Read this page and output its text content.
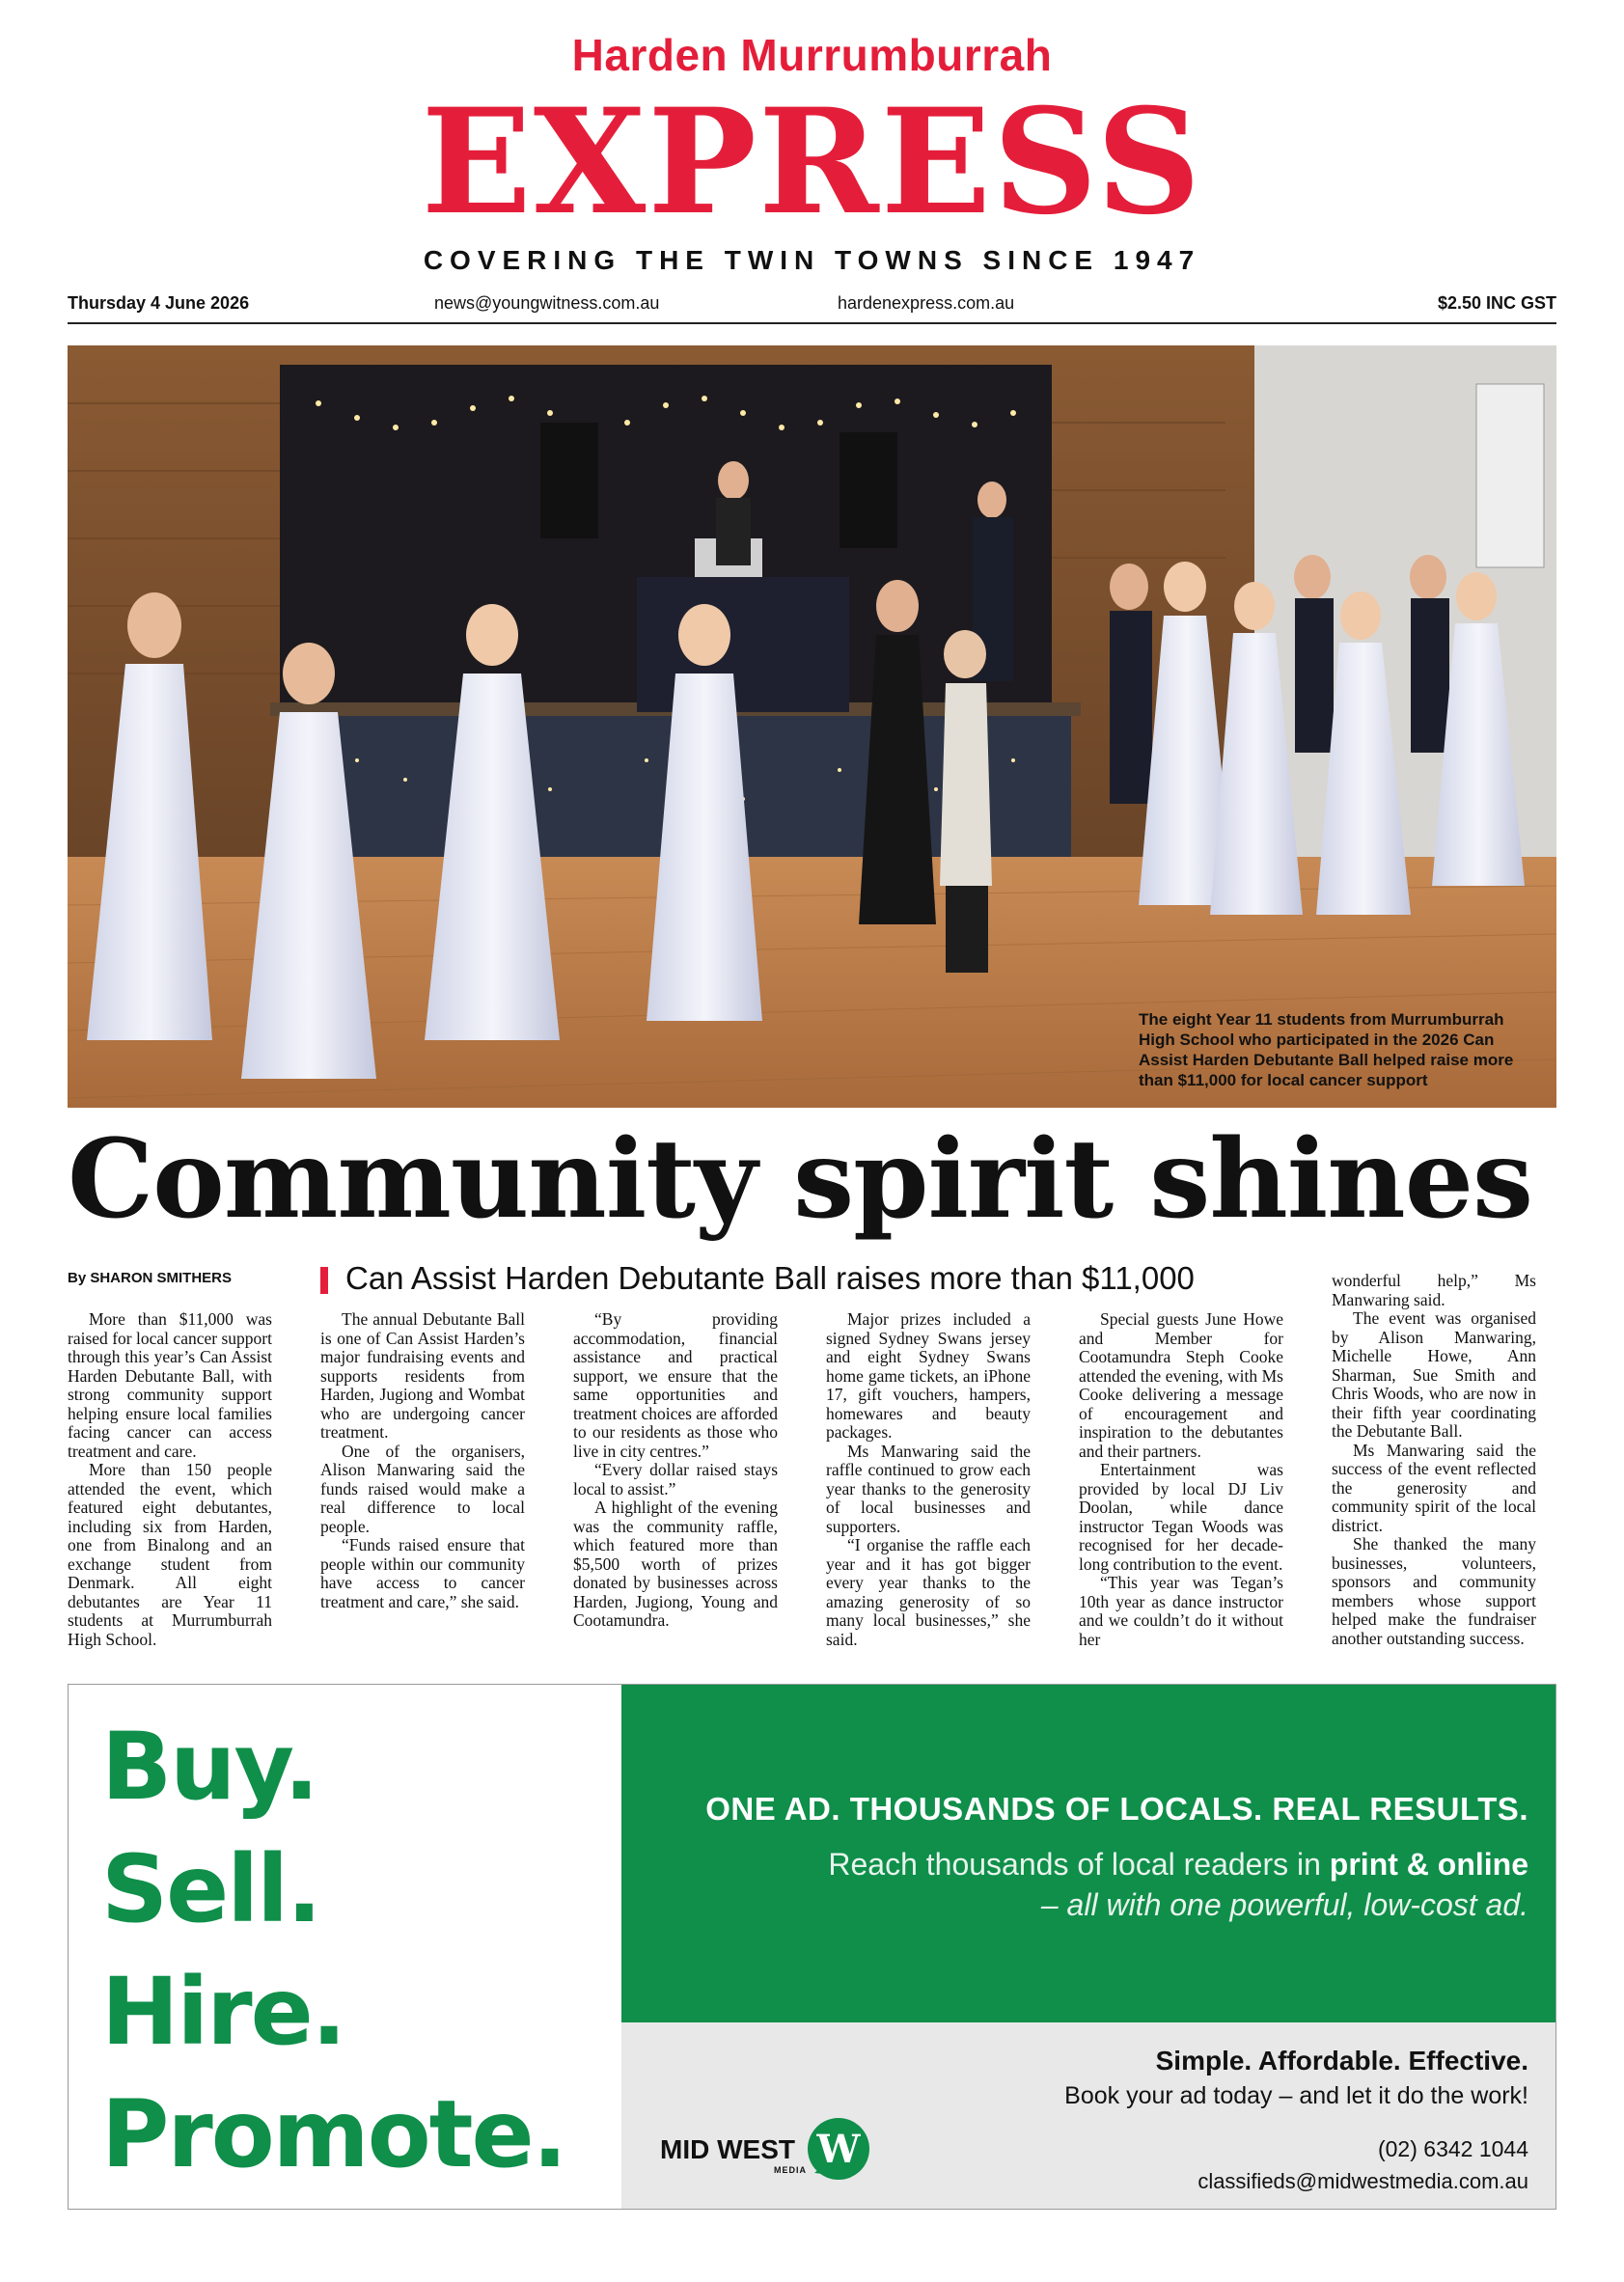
Harden Murrumburrah
EXPRESS
COVERING THE TWIN TOWNS SINCE 1947
Thursday 4 June 2026	news@youngwitness.com.au	hardenexpress.com.au	$2.50 INC GST
The eight Year 11 students from Murrumburrah High School who participated in the 2026 Can Assist Harden Debutante Ball helped raise more than $11,000 for local cancer support
Community spirit shines
By SHARON SMITHERS	Can Assist Harden Debutante Ball raises more than $11,000

More than $11,000 was raised for local cancer support through this year’s Can Assist Harden Debutante Ball, with strong community support helping ensure local families facing cancer can access treatment and care.

More than 150 people attended the event, which featured eight debutantes, including six from Harden, one from Binalong and an exchange student from Denmark. All eight debutantes are Year 11 students at Murrumburrah High School.

The annual Debutante Ball is one of Can Assist Harden’s major fundraising events and supports residents from Harden, Jugiong and Wombat who are undergoing cancer treatment.

One of the organisers, Alison Manwaring said the funds raised would make a real difference to local people.

“Funds raised ensure that people within our community have access to cancer treatment and care,” she said.

“By providing accommodation, financial assistance and practical support, we ensure that the same opportunities and treatment choices are afforded to our residents as those who live in city centres.”

“Every dollar raised stays local to assist.”

A highlight of the evening was the community raffle, which featured more than $5,500 worth of prizes donated by businesses across Harden, Jugiong, Young and Cootamundra.

Major prizes included a signed Sydney Swans jersey and eight Sydney Swans home game tickets, an iPhone 17, gift vouchers, hampers, homewares and beauty packages.

Ms Manwaring said the raffle continued to grow each year thanks to the generosity of local businesses and supporters.

“I organise the raffle each year and it has got bigger every year thanks to the amazing generosity of so many local businesses,” she said.

Special guests June Howe and Member for Cootamundra Steph Cooke attended the evening, with Ms Cooke delivering a message of encouragement and inspiration to the debutantes and their partners.

Entertainment was provided by local DJ Liv Doolan, while dance instructor Tegan Woods was recognised for her decade-long contribution to the event.

“This year was Tegan’s 10th year as dance instructor and we couldn’t do it without her

wonderful help,” Ms Manwaring said.

The event was organised by Alison Manwaring, Michelle Howe, Ann Sharman, Sue Smith and Chris Woods, who are now in their fifth year coordinating the Debutante Ball.

Ms Manwaring said the success of the event reflected the generosity and community spirit of the local district.

She thanked the many businesses, volunteers, sponsors and community members whose support helped make the fundraiser another outstanding success.

Buy.
Sell.
Hire.
Promote.
ONE AD. THOUSANDS OF LOCALS. REAL RESULTS.
Reach thousands of local readers in print & online
– all with one powerful, low-cost ad.
MID WEST
MEDIA W
Simple. Affordable. Effective.
Book your ad today – and let it do the work!
(02) 6342 1044
classifieds@midwestmedia.com.au
